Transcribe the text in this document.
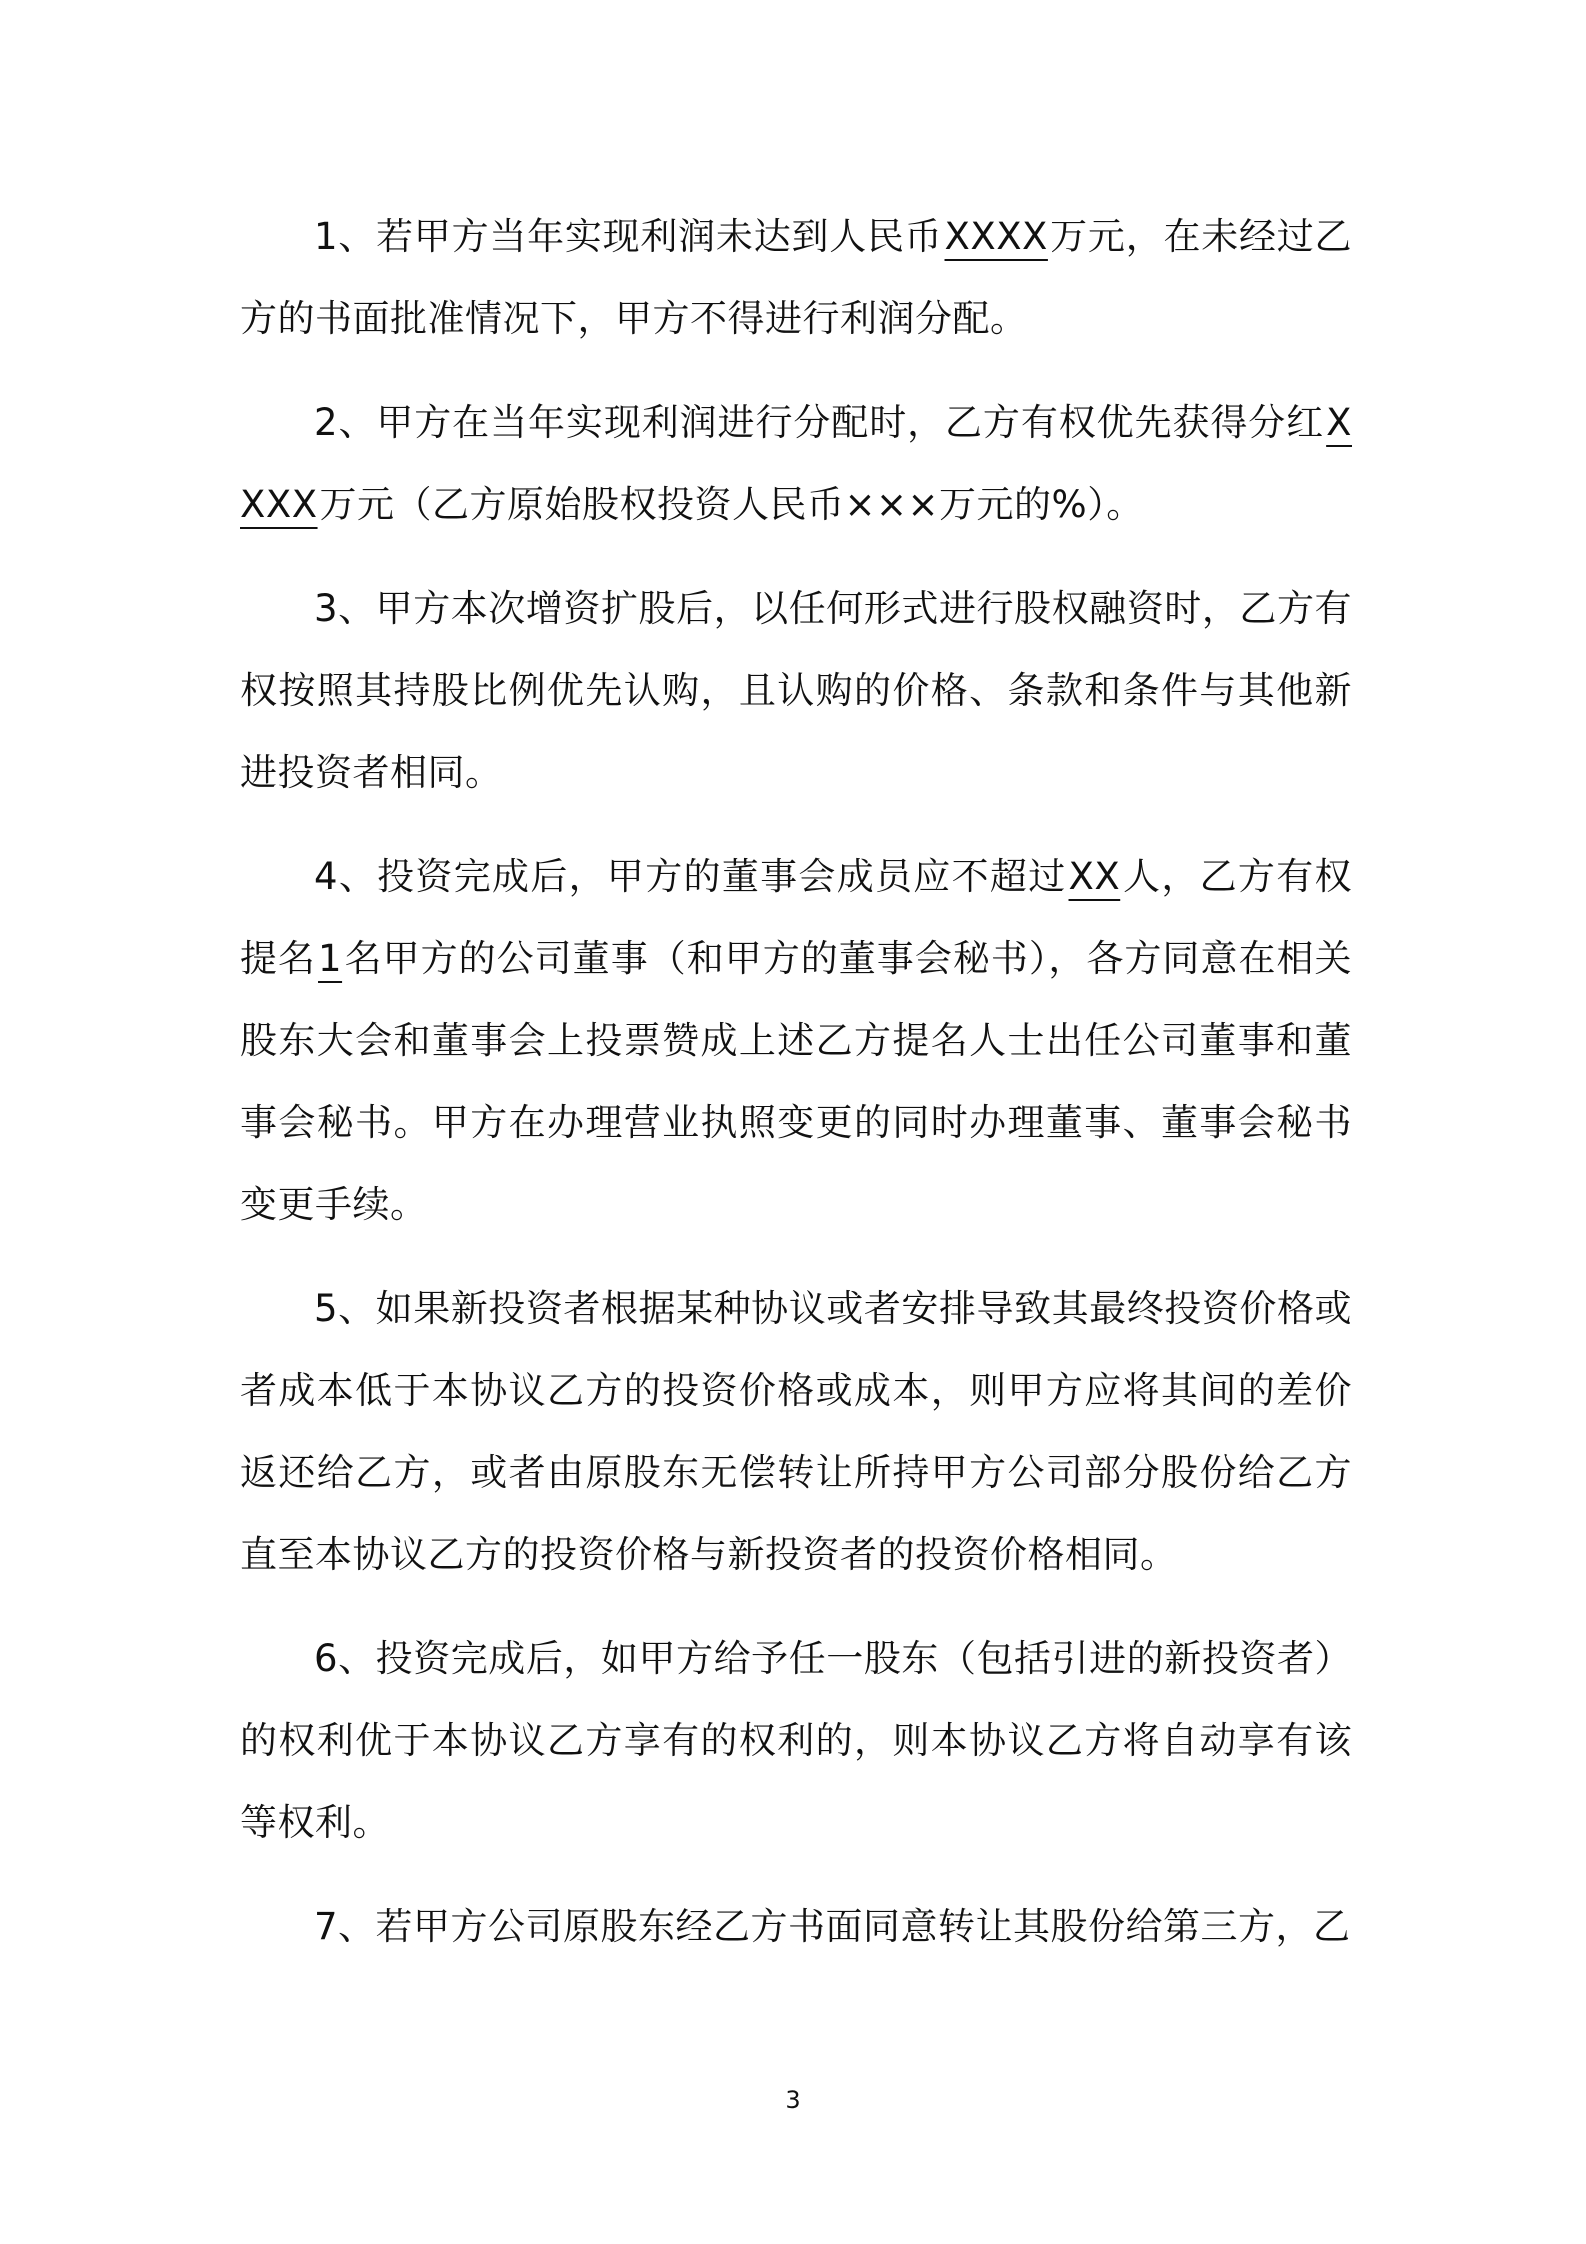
1、若甲方当年实现利润未达到人民币XXXX万元，在未经过乙方的书面批准情况下，甲方不得进行利润分配。

2、甲方在当年实现利润进行分配时，乙方有权优先获得分红XXXX万元（乙方原始股权投资人民币×××万元的%）。

3、甲方本次增资扩股后，以任何形式进行股权融资时，乙方有权按照其持股比例优先认购，且认购的价格、条款和条件与其他新进投资者相同。

4、投资完成后，甲方的董事会成员应不超过XX人，乙方有权提名1名甲方的公司董事（和甲方的董事会秘书），各方同意在相关股东大会和董事会上投票赞成上述乙方提名人士出任公司董事和董事会秘书。甲方在办理营业执照变更的同时办理董事、董事会秘书变更手续。

5、如果新投资者根据某种协议或者安排导致其最终投资价格或者成本低于本协议乙方的投资价格或成本，则甲方应将其间的差价返还给乙方，或者由原股东无偿转让所持甲方公司部分股份给乙方直至本协议乙方的投资价格与新投资者的投资价格相同。

6、投资完成后，如甲方给予任一股东（包括引进的新投资者）的权利优于本协议乙方享有的权利的，则本协议乙方将自动享有该等权利。

7、若甲方公司原股东经乙方书面同意转让其股份给第三方，乙

3
